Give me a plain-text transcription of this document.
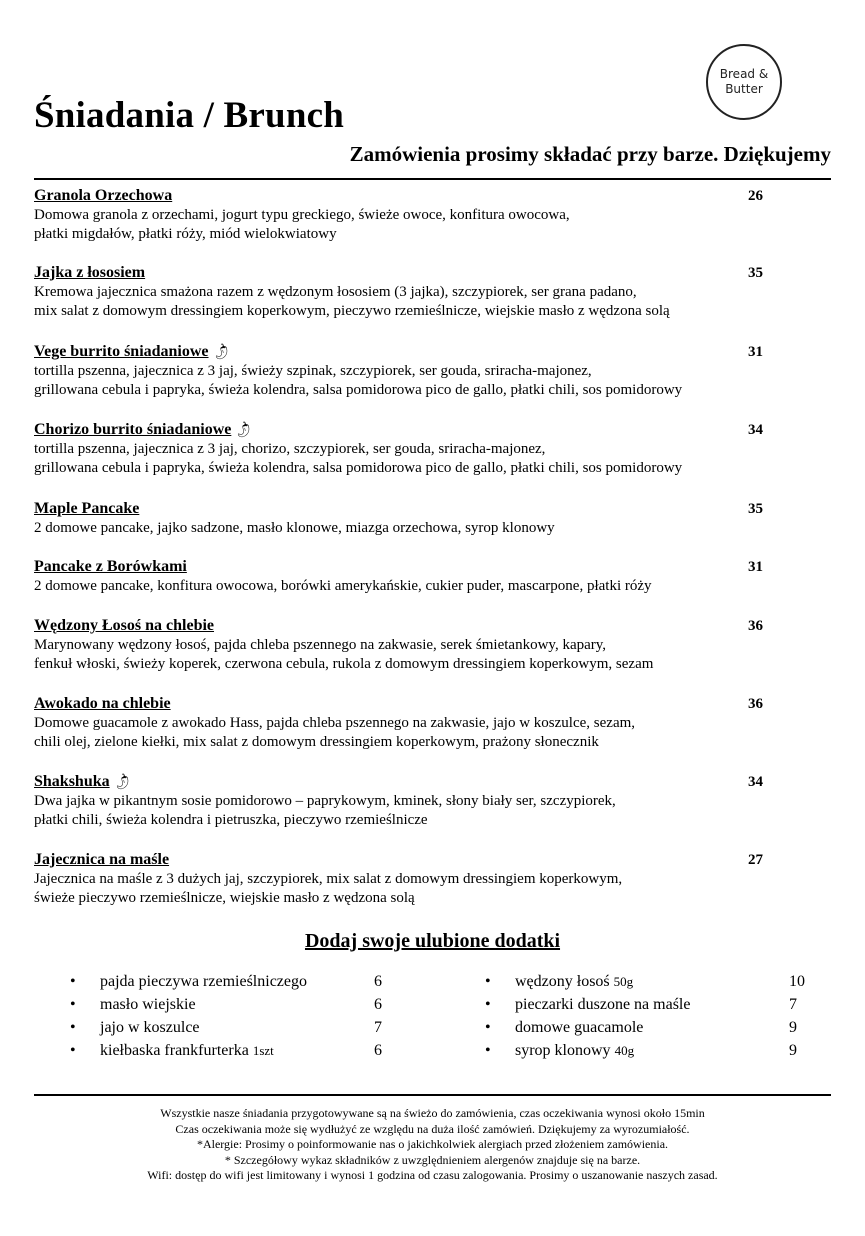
Bread &
Butter
Śniadania / Brunch
Zamówienia prosimy składać przy barze. Dziękujemy
Granola Orzechowa	26
Domowa granola z orzechami, jogurt typu greckiego, świeże owoce, konfitura owocowa,
płatki migdałów, płatki róży, miód wielokwiatowy
Jajka z łososiem	35
Kremowa jajecznica smażona razem z wędzonym łososiem (3 jajka), szczypiorek, ser grana padano,
mix salat z domowym dressingiem koperkowym, pieczywo rzemieślnicze, wiejskie masło z wędzona solą
Vege burrito śniadaniowe🌶	31
tortilla pszenna, jajecznica z 3 jaj, świeży szpinak, szczypiorek, ser gouda, sriracha-majonez,
grillowana cebula i papryka, świeża kolendra, salsa pomidorowa pico de gallo, płatki chili, sos pomidorowy
Chorizo burrito śniadaniowe🌶	34
tortilla pszenna, jajecznica z 3 jaj, chorizo, szczypiorek, ser gouda, sriracha-majonez,
grillowana cebula i papryka, świeża kolendra, salsa pomidorowa pico de gallo, płatki chili, sos pomidorowy
Maple Pancake	35
2 domowe pancake, jajko sadzone, masło klonowe, miazga orzechowa, syrop klonowy
Pancake z Borówkami	31
2 domowe pancake, konfitura owocowa, borówki amerykańskie, cukier puder, mascarpone, płatki róży
Wędzony Łosoś na chlebie	36
Marynowany wędzony łosoś, pajda chleba pszennego na zakwasie, serek śmietankowy, kapary,
fenkuł włoski, świeży koperek, czerwona cebula, rukola z domowym dressingiem koperkowym, sezam
Awokado na chlebie	36
Domowe guacamole z awokado Hass, pajda chleba pszennego na zakwasie, jajo w koszulce, sezam,
chili olej, zielone kiełki, mix salat z domowym dressingiem koperkowym, prażony słonecznik
Shakshuka🌶	34
Dwa jajka w pikantnym sosie pomidorowo – paprykowym, kminek, słony biały ser, szczypiorek,
płatki chili, świeża kolendra i pietruszka, pieczywo rzemieślnicze
Jajecznica na maśle	27
Jajecznica na maśle z 3 dużych jaj, szczypiorek, mix salat z domowym dressingiem koperkowym,
świeże pieczywo rzemieślnicze, wiejskie masło z wędzona solą
Dodaj swoje ulubione dodatki
• pajda pieczywa rzemieślniczego	6
• masło wiejskie	6
• jajo w koszulce	7
• kiełbaska frankfurterka 1szt	6
• wędzony łosoś 50g	10
• pieczarki duszone na maśle	7
• domowe guacamole	9
• syrop klonowy 40g	9
Wszystkie nasze śniadania przygotowywane są na świeżo do zamówienia, czas oczekiwania wynosi około 15min
Czas oczekiwania może się wydłużyć ze względu na duża ilość zamówień. Dziękujemy za wyrozumiałość.
*Alergie: Prosimy o poinformowanie nas o jakichkolwiek alergiach przed złożeniem zamówienia.
* Szczegółowy wykaz składników z uwzględnieniem alergenów znajduje się na barze.
Wifi: dostęp do wifi jest limitowany i wynosi 1 godzina od czasu zalogowania. Prosimy o uszanowanie naszych zasad.
